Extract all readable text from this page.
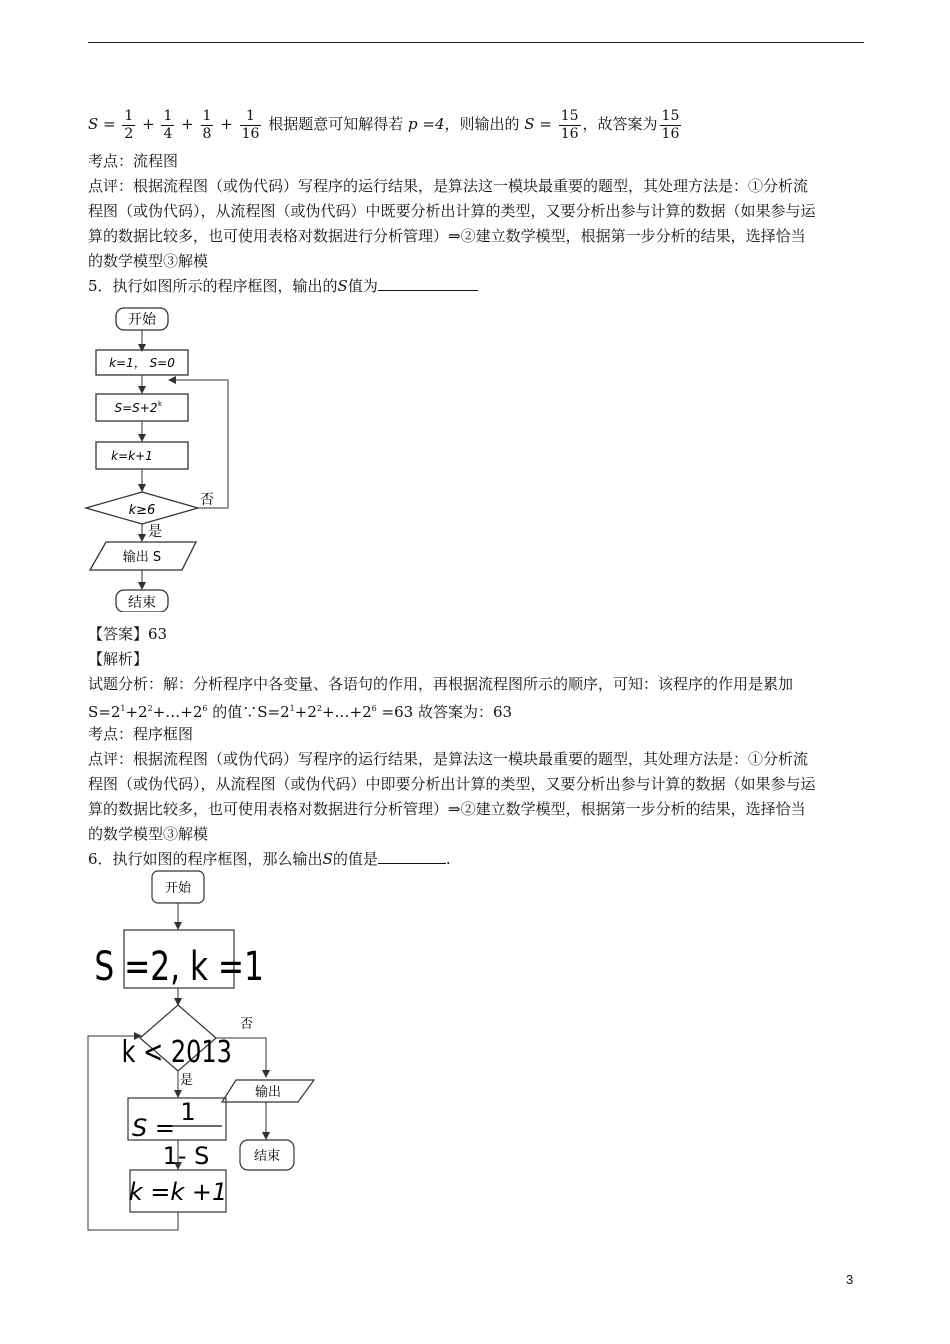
$S = \frac{1}{2} + \frac{1}{4} + \frac{1}{8} + \frac{1}{16}$ 根据题意可知解得若 p =4，则输出的 $S = \frac{15}{16}$ ，故答案为 $\frac{15}{16}$
考点：流程图
点评：根据流程图（或伪代码）写程序的运行结果，是算法这一模块最重要的题型，其处理方法是：①分析流
程图（或伪代码），从流程图（或伪代码）中既要分析出计算的类型，又要分析出参与计算的数据（如果参与运
算的数据比较多，也可使用表格对数据进行分析管理）⇒②建立数学模型，根据第一步分析的结果，选择恰当
的数学模型③解模
5．执行如图所示的程序框图，输出的S值为
开始
k=1， S=0
S=S+2 k
k=k+1
k≥6
否
是
输出 S
结束
【答案】63
【解析】
试题分析：解：分析程序中各变量、各语句的作用，再根据流程图所示的顺序，可知：该程序的作用是累加
$S=2^1+2^2+\dots+2^6$ 的值$\because S=2^1+2^2+\dots+2^6 =63$ 故答案为：63
考点：程序框图
点评：根据流程图（或伪代码）写程序的运行结果，是算法这一模块最重要的题型，其处理方法是：①分析流
程图（或伪代码），从流程图（或伪代码）中即要分析出计算的类型，又要分析出参与计算的数据（如果参与运
算的数据比较多，也可使用表格对数据进行分析管理）⇒②建立数学模型，根据第一步分析的结果，选择恰当
的数学模型③解模
6．执行如图的程序框图，那么输出S的值是	.
开始
S =2, k =1
k < 2013
否
输出
结束
是
S =
1
1- S
k =k +1
3
